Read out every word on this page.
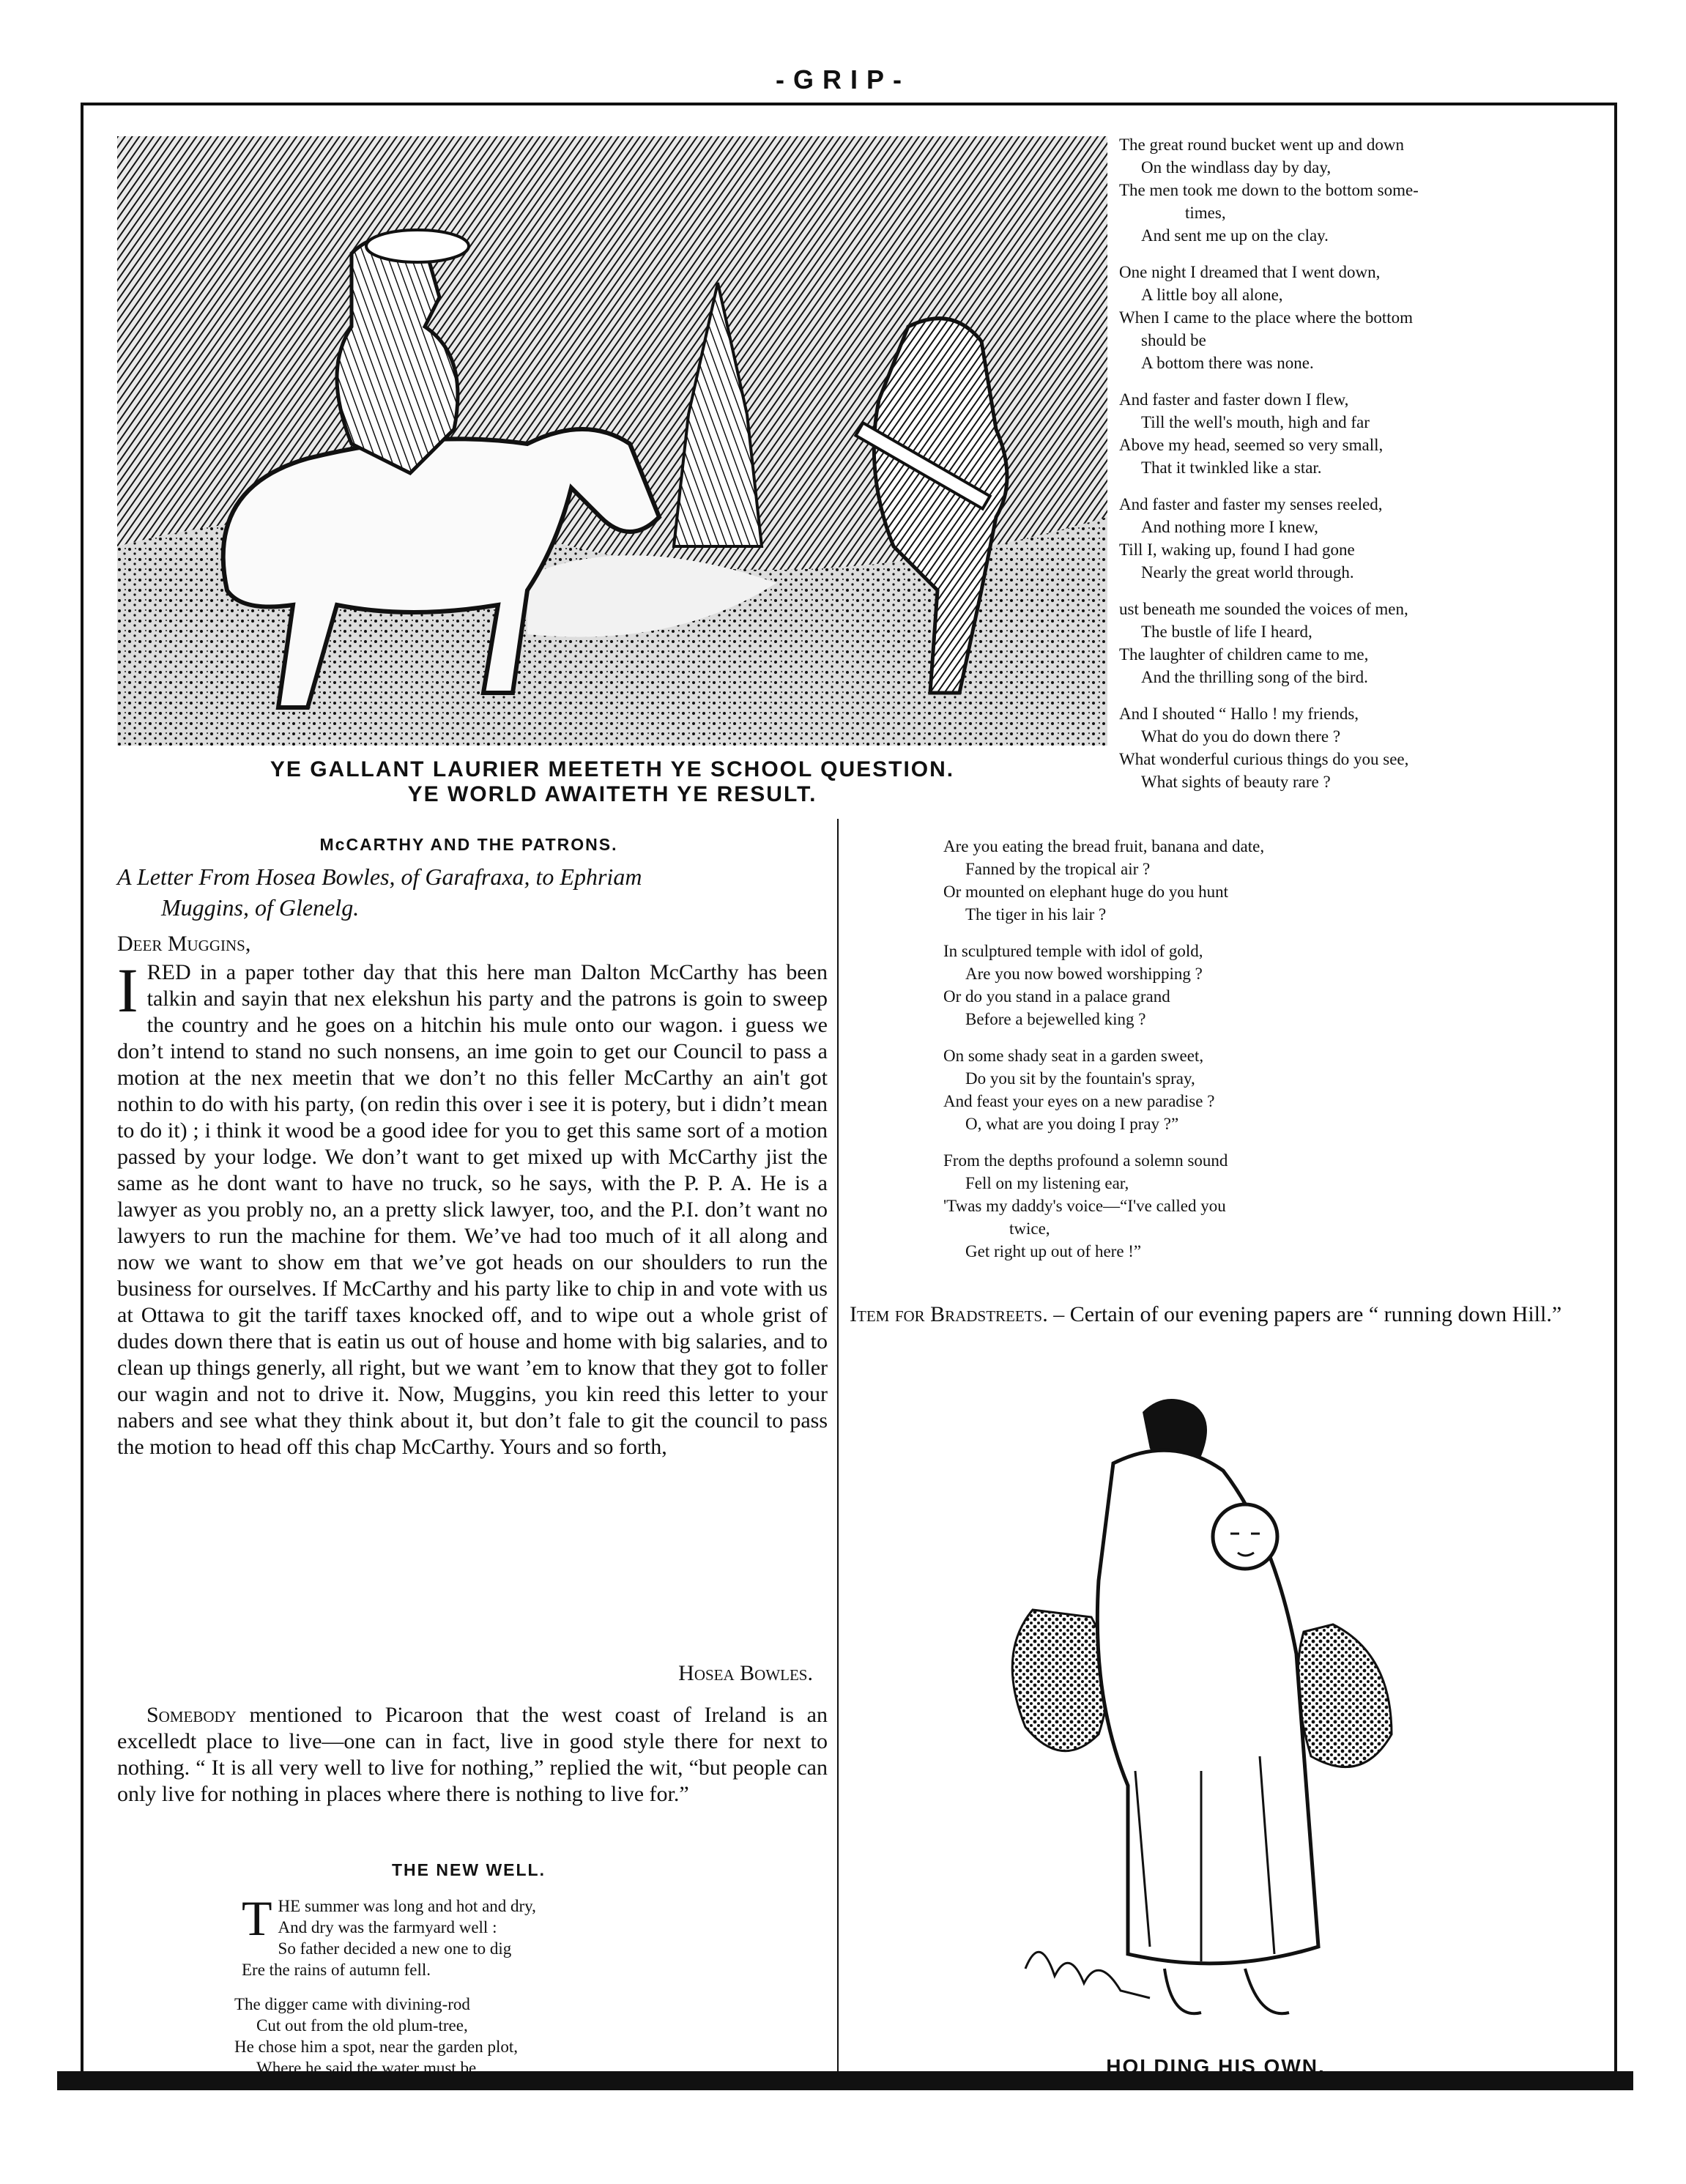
-GRIP-
YE GALLANT LAURIER MEETETH YE SCHOOL QUESTION.
YE WORLD AWAITETH YE RESULT.
The great round bucket went up and down
On the windlass day by day,
The men took me down to the bottom some-
times,
And sent me up on the clay.
One night I dreamed that I went down,
A little boy all alone,
When I came to the place where the bottom
should be
A bottom there was none.
And faster and faster down I flew,
Till the well's mouth, high and far
Above my head, seemed so very small,
That it twinkled like a star.
And faster and faster my senses reeled,
And nothing more I knew,
Till I, waking up, found I had gone
Nearly the great world through.
ust beneath me sounded the voices of men,
The bustle of life I heard,
The laughter of children came to me,
And the thrilling song of the bird.
And I shouted “ Hallo ! my friends,
What do you do down there ?
What wonderful curious things do you see,
What sights of beauty rare ?
Are you eating the bread fruit, banana and date,
Fanned by the tropical air ?
Or mounted on elephant huge do you hunt
The tiger in his lair ?
In sculptured temple with idol of gold,
Are you now bowed worshipping ?
Or do you stand in a palace grand
Before a bejewelled king ?
On some shady seat in a garden sweet,
Do you sit by the fountain's spray,
And feast your eyes on a new paradise ?
O, what are you doing I pray ?”
From the depths profound a solemn sound
Fell on my listening ear,
'Twas my daddy's voice—“I've called you
twice,
Get right up out of here !”
McCARTHY AND THE PATRONS.
A Letter From Hosea Bowles, of Garafraxa, to Ephriam
Muggins, of Glenelg.
Deer Muggins,
IRED in a paper tother day that this here man Dalton McCarthy has been talkin and sayin that nex elekshun his party and the patrons is goin to sweep the country and he goes on a hitchin his mule onto our wagon. i guess we don’t intend to stand no such nonsens, an ime goin to get our Council to pass a motion at the nex meetin that we don’t no this feller McCarthy an ain't got nothin to do with his party, (on redin this over i see it is potery, but i didn’t mean to do it) ; i think it wood be a good idee for you to get this same sort of a motion passed by your lodge. We don’t want to get mixed up with McCarthy jist the same as he dont want to have no truck, so he says, with the P. P. A. He is a lawyer as you probly no, an a pretty slick lawyer, too, and the P.I. don’t want no lawyers to run the machine for them. We’ve had too much of it all along and now we want to show em that we’ve got heads on our shoulders to run the business for ourselves. If McCarthy and his party like to chip in and vote with us at Ottawa to git the tariff taxes knocked off, and to wipe out a whole grist of dudes down there that is eatin us out of house and home with big salaries, and to clean up things generly, all right, but we want ’em to know that they got to foller our wagin and not to drive it. Now, Muggins, you kin reed this letter to your nabers and see what they think about it, but don’t fale to git the council to pass the motion to head off this chap McCarthy. Yours and so forth,
Hosea Bowles.
Somebody mentioned to Picaroon that the west coast of Ireland is an excelledt place to live—one can in fact, live in good style there for next to nothing. “ It is all very well to live for nothing,” replied the wit, “but people can only live for nothing in places where there is nothing to live for.”
THE NEW WELL.
T HE summer was long and hot and dry,
And dry was the farmyard well :
So father decided a new one to dig
Ere the rains of autumn fell.
The digger came with divining-rod
Cut out from the old plum-tree,
He chose him a spot, near the garden plot,
Where he said the water must be.
Item for Bradstreets. – Certain of our evening papers are “ running down Hill.”
HOLDING HIS OWN.
